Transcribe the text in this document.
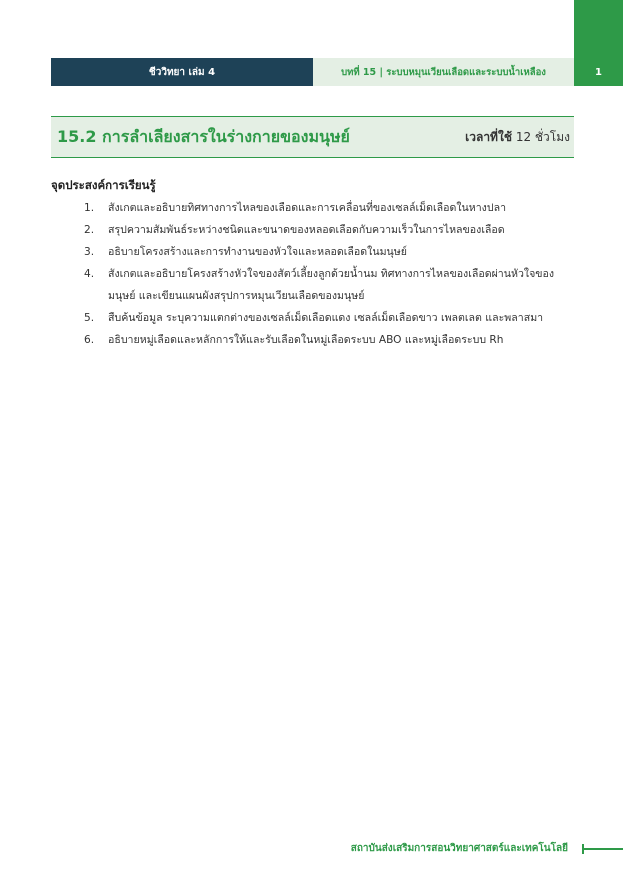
ชีววิทยา เล่ม 4	บทที่ 15 | ระบบหมุนเวียนเลือดและระบบน้ำเหลือง	1
15.2 การลำเลียงสารในร่างกายของมนุษย์	เวลาที่ใช้ 12 ชั่วโมง
จุดประสงค์การเรียนรู้
1.	สังเกตและอธิบายทิศทางการไหลของเลือดและการเคลื่อนที่ของเซลล์เม็ดเลือดในหางปลา
2.	สรุปความสัมพันธ์ระหว่างชนิดและขนาดของหลอดเลือดกับความเร็วในการไหลของเลือด
3.	อธิบายโครงสร้างและการทำงานของหัวใจและหลอดเลือดในมนุษย์
4.	สังเกตและอธิบายโครงสร้างหัวใจของสัตว์เลี้ยงลูกด้วยน้ำนม ทิศทางการไหลของเลือดผ่านหัวใจของมนุษย์ และเขียนแผนผังสรุปการหมุนเวียนเลือดของมนุษย์
5.	สืบค้นข้อมูล ระบุความแตกต่างของเซลล์เม็ดเลือดแดง เซลล์เม็ดเลือดขาว เพลตเลต และพลาสมา
6.	อธิบายหมู่เลือดและหลักการให้และรับเลือดในหมู่เลือดระบบ ABO และหมู่เลือดระบบ Rh
สถาบันส่งเสริมการสอนวิทยาศาสตร์และเทคโนโลยี
